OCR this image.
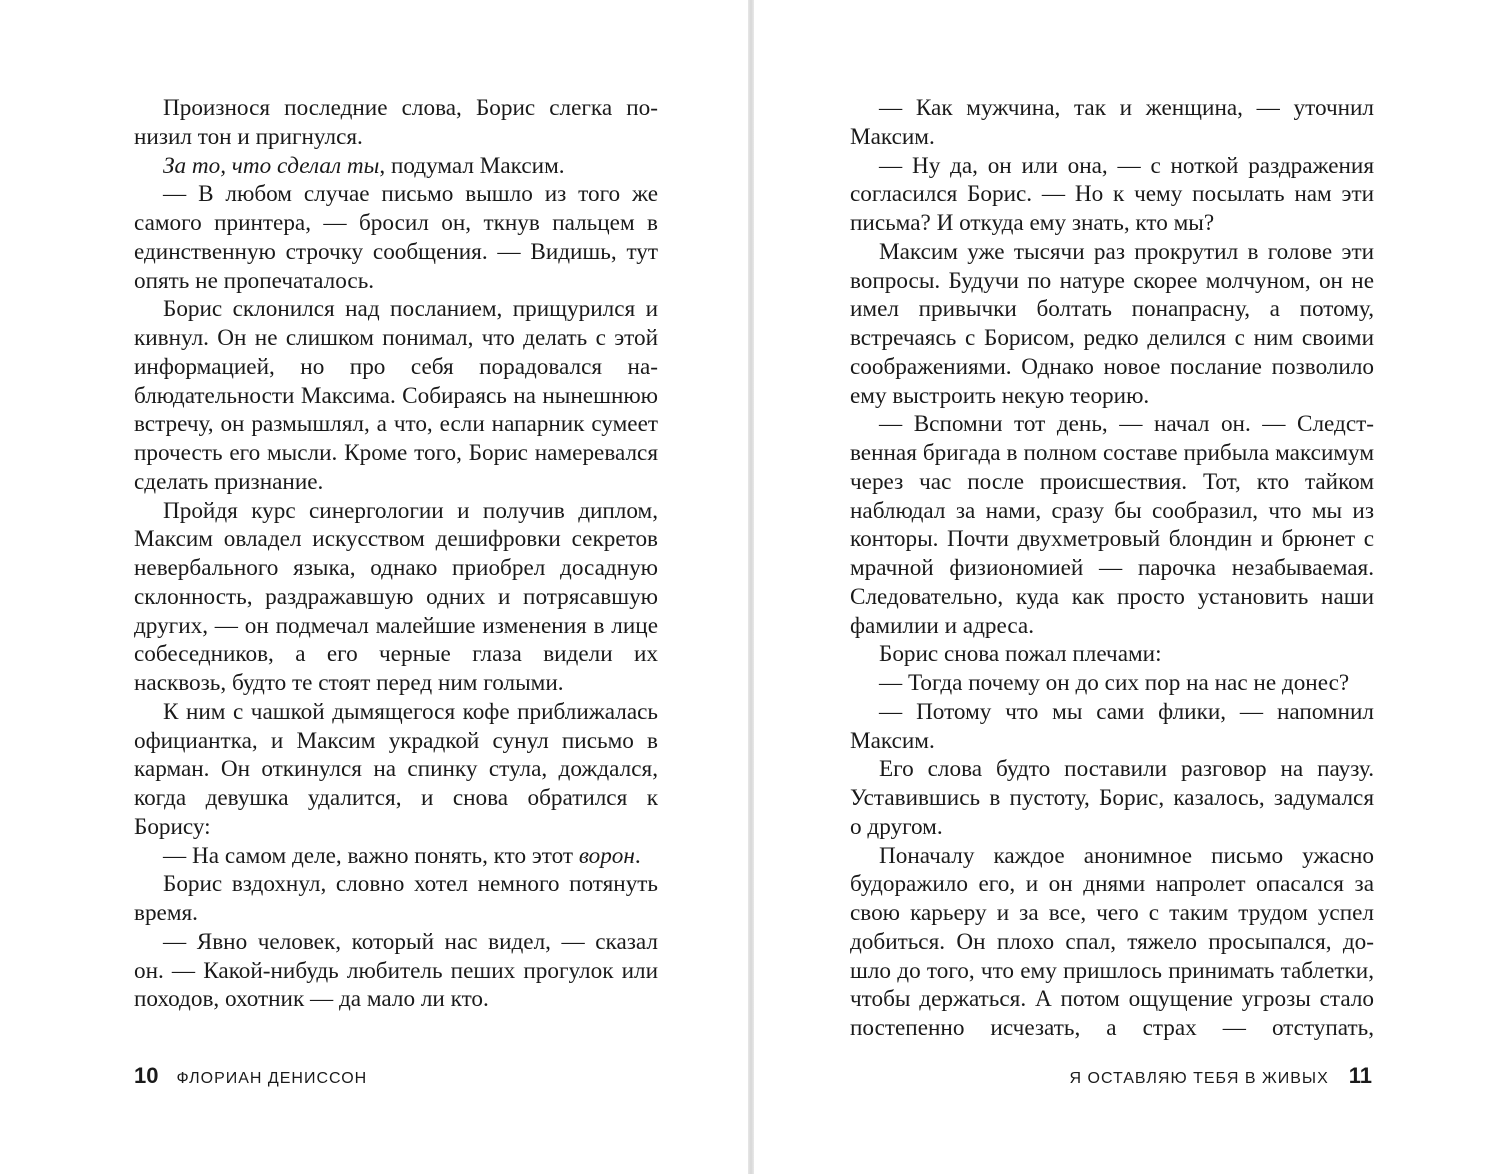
Произнося последние слова, Борис слегка понизил тон и пригнулся.

За то, что сделал ты, подумал Максим.

— В любом случае письмо вышло из того же самого принтера, — бросил он, ткнув пальцем в единственную строчку сообщения. — Видишь, тут опять не пропечаталось.

Борис склонился над посланием, прищурился и кивнул. Он не слишком понимал, что делать с этой информацией, но про себя порадовался наблюдательности Максима. Собираясь на нынешнюю встречу, он размышлял, а что, если напарник сумеет прочесть его мысли. Кроме того, Борис намеревался сделать признание.

Пройдя курс синергологии и получив диплом, Максим овладел искусством дешифровки секретов невербального языка, однако приобрел досадную склонность, раздражавшую одних и потрясавшую других, — он подмечал малейшие изменения в лице собеседников, а его черные глаза видели их насквозь, будто те стоят перед ним голыми.

К ним с чашкой дымящегося кофе приближалась официантка, и Максим украдкой сунул письмо в карман. Он откинулся на спинку стула, дождался, когда девушка удалится, и снова обратился к Борису:

— На самом деле, важно понять, кто этот ворон.

Борис вздохнул, словно хотел немного потянуть время.

— Явно человек, который нас видел, — сказал он. — Какой-нибудь любитель пеших прогулок или походов, охотник — да мало ли кто.

10 ФЛОРИАН ДЕНИССОН

— Как мужчина, так и женщина, — уточнил Максим.

— Ну да, он или она, — с ноткой раздражения согласился Борис. — Но к чему посылать нам эти письма? И откуда ему знать, кто мы?

Максим уже тысячи раз прокрутил в голове эти вопросы. Будучи по натуре скорее молчуном, он не имел привычки болтать понапрасну, а потому, встречаясь с Борисом, редко делился с ним своими соображениями. Однако новое послание позволило ему выстроить некую теорию.

— Вспомни тот день, — начал он. — Следственная бригада в полном составе прибыла максимум через час после происшествия. Тот, кто тайком наблюдал за нами, сразу бы сообразил, что мы из конторы. Почти двухметровый блондин и брюнет с мрачной физиономией — парочка незабываемая. Следовательно, куда как просто установить наши фамилии и адреса.

Борис снова пожал плечами:

— Тогда почему он до сих пор на нас не донес?

— Потому что мы сами флики, — напомнил Максим.

Его слова будто поставили разговор на паузу. Уставившись в пустоту, Борис, казалось, задумался о другом.

Поначалу каждое анонимное письмо ужасно будоражило его, и он днями напролет опасался за свою карьеру и за все, чего с таким трудом успел добиться. Он плохо спал, тяжело просыпался, дошло до того, что ему пришлось принимать таблетки, чтобы держаться. А потом ощущение угрозы стало постепенно исчезать, а страх — отступать,

Я ОСТАВЛЯЮ ТЕБЯ В ЖИВЫХ 11
